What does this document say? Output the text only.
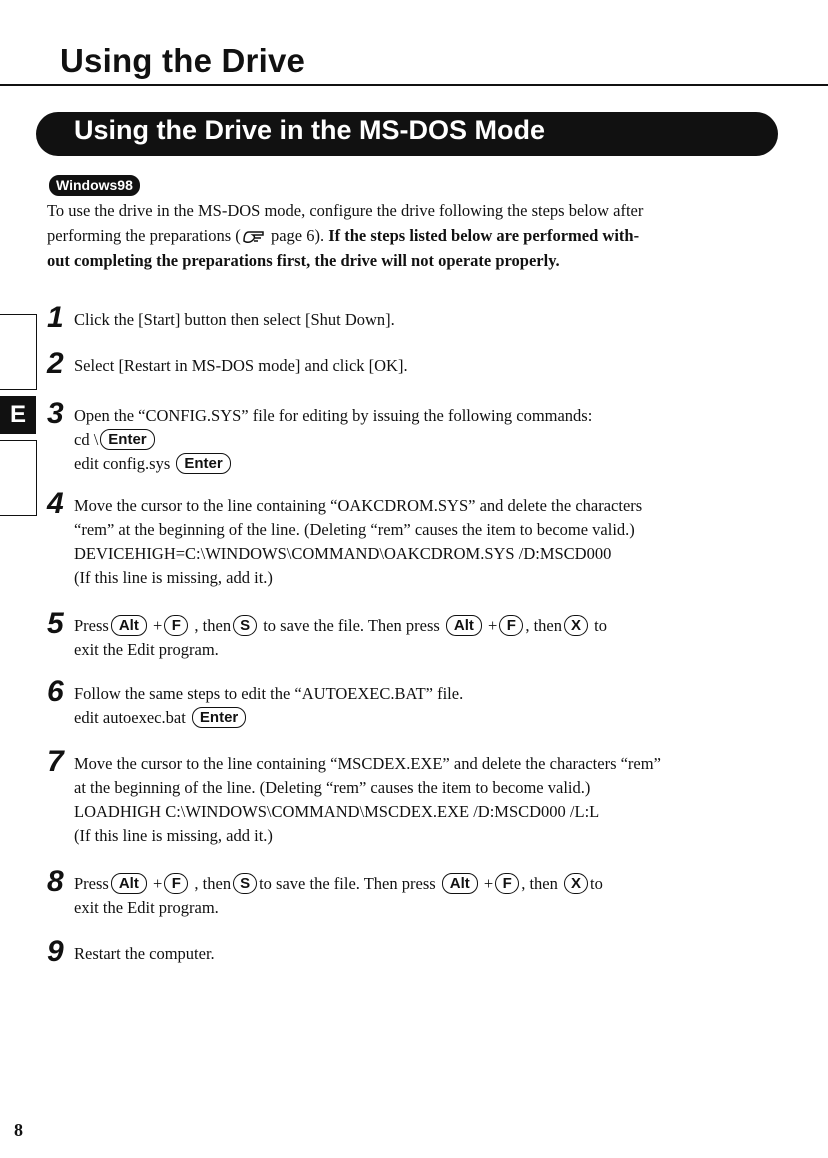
Using the Drive
Using the Drive in the MS-DOS Mode
Windows98

To use the drive in the MS-DOS mode, configure the drive following the steps below after
performing the preparations ( page 6). If the steps listed below are performed with-
out completing the preparations first, the drive will not operate properly.

E
1 Click the [Start] button then select [Shut Down].
2 Select [Restart in MS-DOS mode] and click [OK].
3 Open the “CONFIG.SYS” file for editing by issuing the following commands:
cd \ Enter
edit config.sys Enter
4 Move the cursor to the line containing “OAKCDROM.SYS” and delete the characters
“rem” at the beginning of the line. (Deleting “rem” causes the item to become valid.)
DEVICEHIGH=C:\WINDOWS\COMMAND\OAKCDROM.SYS /D:MSCD000
(If this line is missing, add it.)
5 Press Alt + F , then S to save the file. Then press Alt + F , then X to
exit the Edit program.
6 Follow the same steps to edit the “AUTOEXEC.BAT” file.
edit autoexec.bat Enter
7 Move the cursor to the line containing “MSCDEX.EXE” and delete the characters “rem”
at the beginning of the line. (Deleting “rem” causes the item to become valid.)
LOADHIGH C:\WINDOWS\COMMAND\MSCDEX.EXE /D:MSCD000 /L:L
(If this line is missing, add it.)
8 Press Alt + F , then S to save the file. Then press Alt + F , then X to
exit the Edit program.
9 Restart the computer.
8
